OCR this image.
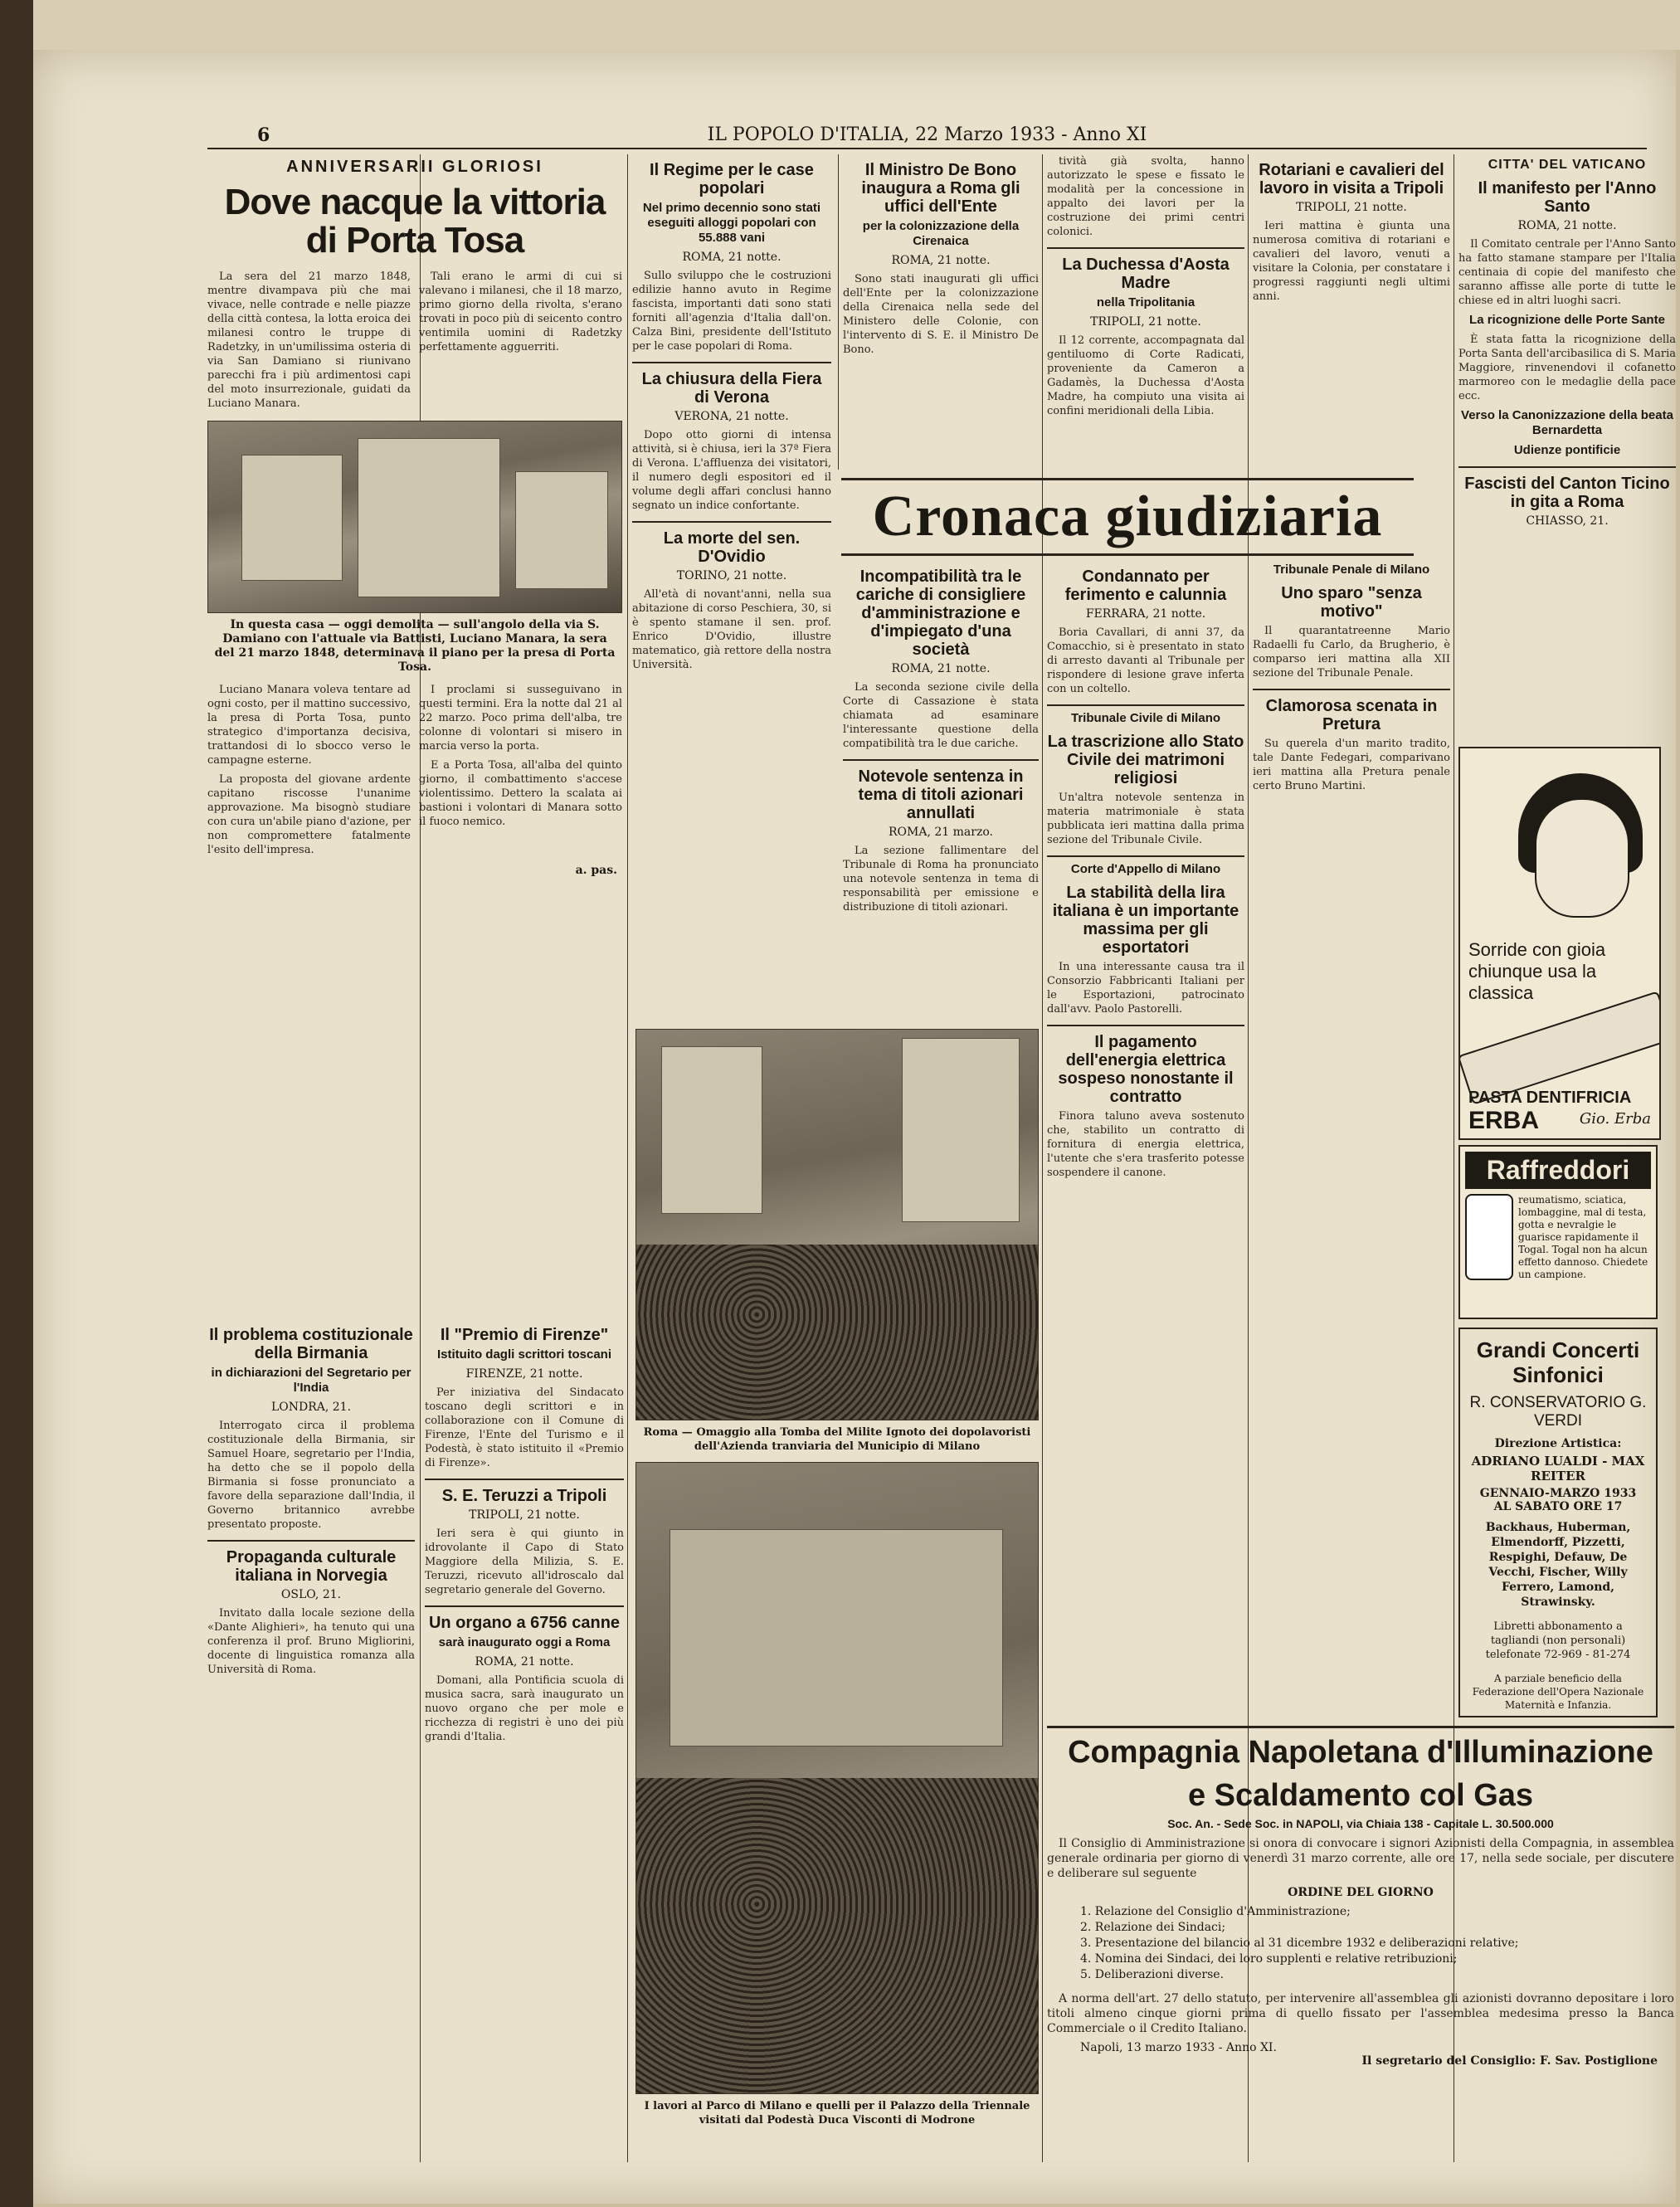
6	IL POPOLO D'ITALIA, 22 Marzo 1933 - Anno XI
ANNIVERSARII GLORIOSI
Dove nacque la vittoria di Porta Tosa

La sera del 21 marzo 1848, mentre divampava più che mai vivace, nelle contrade e nelle piazze della città contesa, la lotta eroica dei milanesi contro le truppe di Radetzky, in un'umilissima osteria di via San Damiano si riunivano parecchi fra i più ardimentosi capi del moto insurrezionale, guidati da Luciano Manara.

Tali erano le armi di cui si valevano i milanesi, che il 18 marzo, primo giorno della rivolta, s'erano trovati in poco più di seicento contro ventimila uomini di Radetzky perfettamente agguerriti.

In questa casa — oggi demolita — sull'angolo della via S. Damiano con l'attuale via Battisti, Luciano Manara, la sera del 21 marzo 1848, determinava il piano per la presa di Porta Tosa.

Luciano Manara voleva tentare ad ogni costo, per il mattino successivo, la presa di Porta Tosa, punto strategico d'importanza decisiva, trattandosi di lo sbocco verso le campagne esterne.

La proposta del giovane ardente capitano riscosse l'unanime approvazione. Ma bisognò studiare con cura un'abile piano d'azione, per non compromettere fatalmente l'esito dell'impresa.

I proclami si susseguivano in questi termini. Era la notte dal 21 al 22 marzo. Poco prima dell'alba, tre colonne di volontari si misero in marcia verso la porta.

E a Porta Tosa, all'alba del quinto giorno, il combattimento s'accese violentissimo. Dettero la scalata ai bastioni i volontari di Manara sotto il fuoco nemico.

a. pas.
Il Regime per le case popolari
Nel primo decennio sono stati eseguiti alloggi popolari con 55.888 vani
ROMA, 21 notte.

Sullo sviluppo che le costruzioni edilizie hanno avuto in Regime fascista, importanti dati sono stati forniti all'agenzia d'Italia dall'on. Calza Bini, presidente dell'Istituto per le case popolari di Roma.

La chiusura della Fiera di Verona
VERONA, 21 notte.

Dopo otto giorni di intensa attività, si è chiusa, ieri la 37ª Fiera di Verona. L'affluenza dei visitatori, il numero degli espositori ed il volume degli affari conclusi hanno segnato un indice confortante.

La morte del sen. D'Ovidio
TORINO, 21 notte.

All'età di novant'anni, nella sua abitazione di corso Peschiera, 30, si è spento stamane il sen. prof. Enrico D'Ovidio, illustre matematico, già rettore della nostra Università.

Il Ministro De Bono inaugura a Roma gli uffici dell'Ente
per la colonizzazione della Cirenaica
ROMA, 21 notte.

Sono stati inaugurati gli uffici dell'Ente per la colonizzazione della Cirenaica nella sede del Ministero delle Colonie, con l'intervento di S. E. il Ministro De Bono.

tività già svolta, hanno autorizzato le spese e fissato le modalità per la concessione in appalto dei lavori per la costruzione dei primi centri colonici.

La Duchessa d'Aosta Madre
nella Tripolitania
TRIPOLI, 21 notte.

Il 12 corrente, accompagnata dal gentiluomo di Corte Radicati, proveniente da Cameron a Gadamès, la Duchessa d'Aosta Madre, ha compiuto una visita ai confini meridionali della Libia.

Rotariani e cavalieri del lavoro in visita a Tripoli
TRIPOLI, 21 notte.

Ieri mattina è giunta una numerosa comitiva di rotariani e cavalieri del lavoro, venuti a visitare la Colonia, per constatare i progressi raggiunti negli ultimi anni.

Cronaca giudiziaria
Incompatibilità tra le cariche di consigliere d'amministrazione e d'impiegato d'una società
ROMA, 21 notte.

La seconda sezione civile della Corte di Cassazione è stata chiamata ad esaminare l'interessante questione della compatibilità tra le due cariche.

Notevole sentenza in tema di titoli azionari annullati
ROMA, 21 marzo.

La sezione fallimentare del Tribunale di Roma ha pronunciato una notevole sentenza in tema di responsabilità per emissione e distribuzione di titoli azionari.

Condannato per ferimento e calunnia
FERRARA, 21 notte.

Boria Cavallari, di anni 37, da Comacchio, si è presentato in stato di arresto davanti al Tribunale per rispondere di lesione grave inferta con un coltello.

Tribunale Civile di Milano
La trascrizione allo Stato Civile dei matrimoni religiosi

Un'altra notevole sentenza in materia matrimoniale è stata pubblicata ieri mattina dalla prima sezione del Tribunale Civile.

Corte d'Appello di Milano
La stabilità della lira italiana è un importante massima per gli esportatori

In una interessante causa tra il Consorzio Fabbricanti Italiani per le Esportazioni, patrocinato dall'avv. Paolo Pastorelli.

Il pagamento dell'energia elettrica sospeso nonostante il contratto

Finora taluno aveva sostenuto che, stabilito un contratto di fornitura di energia elettrica, l'utente che s'era trasferito potesse sospendere il canone.

Tribunale Penale di Milano
Uno sparo "senza motivo"

Il quarantatreenne Mario Radaelli fu Carlo, da Brugherio, è comparso ieri mattina alla XII sezione del Tribunale Penale.

Clamorosa scenata in Pretura

Su querela d'un marito tradito, tale Dante Fedegari, comparivano ieri mattina alla Pretura penale certo Bruno Martini.

CITTA' DEL VATICANO
Il manifesto per l'Anno Santo
ROMA, 21 notte.

Il Comitato centrale per l'Anno Santo ha fatto stamane stampare per l'Italia centinaia di copie del manifesto che saranno affisse alle porte di tutte le chiese ed in altri luoghi sacri.

La ricognizione delle Porte Sante

È stata fatta la ricognizione della Porta Santa dell'arcibasilica di S. Maria Maggiore, rinvenendovi il cofanetto marmoreo con le medaglie della pace ecc.

Verso la Canonizzazione della beata Bernardetta
Udienze pontificie
Fascisti del Canton Ticino in gita a Roma
CHIASSO, 21.
Sorride con gioia
chiunque usa la
classica
PASTA DENTIFRICIA
ERBA	Gio. Erba
Raffreddori
reumatismo, sciatica, lombaggine, mal di testa, gotta e nevralgie le guarisce rapidamente il Togal. Togal non ha alcun effetto dannoso. Chiedete un campione.
Grandi Concerti Sinfonici
R. CONSERVATORIO G. VERDI
Direzione Artistica:
ADRIANO LUALDI - MAX REITER
GENNAIO-MARZO 1933
AL SABATO ORE 17
Backhaus, Huberman, Elmendorff, Pizzetti, Respighi, Defauw, De Vecchi, Fischer, Willy Ferrero, Lamond, Strawinsky.
Libretti abbonamento a tagliandi (non personali) telefonate 72-969 - 81-274
A parziale beneficio della Federazione dell'Opera Nazionale Maternità e Infanzia.
Il problema costituzionale della Birmania
in dichiarazioni del Segretario per l'India
LONDRA, 21.

Interrogato circa il problema costituzionale della Birmania, sir Samuel Hoare, segretario per l'India, ha detto che se il popolo della Birmania si fosse pronunciato a favore della separazione dall'India, il Governo britannico avrebbe presentato proposte.

Propaganda culturale italiana in Norvegia
OSLO, 21.

Invitato dalla locale sezione della «Dante Alighieri», ha tenuto qui una conferenza il prof. Bruno Migliorini, docente di linguistica romanza alla Università di Roma.

Il "Premio di Firenze"
Istituito dagli scrittori toscani
FIRENZE, 21 notte.

Per iniziativa del Sindacato toscano degli scrittori e in collaborazione con il Comune di Firenze, l'Ente del Turismo e il Podestà, è stato istituito il «Premio di Firenze».

S. E. Teruzzi a Tripoli
TRIPOLI, 21 notte.

Ieri sera è qui giunto in idrovolante il Capo di Stato Maggiore della Milizia, S. E. Teruzzi, ricevuto all'idroscalo dal segretario generale del Governo.

Un organo a 6756 canne
sarà inaugurato oggi a Roma
ROMA, 21 notte.

Domani, alla Pontificia scuola di musica sacra, sarà inaugurato un nuovo organo che per mole e ricchezza di registri è uno dei più grandi d'Italia.

Roma — Omaggio alla Tomba del Milite Ignoto dei dopolavoristi dell'Azienda tranviaria del Municipio di Milano
I lavori al Parco di Milano e quelli per il Palazzo della Triennale visitati dal Podestà Duca Visconti di Modrone
Compagnia Napoletana d'Illuminazione
e Scaldamento col Gas
Soc. An. - Sede Soc. in NAPOLI, via Chiaia 138 - Capitale L. 30.500.000

Il Consiglio di Amministrazione si onora di convocare i signori Azionisti della Compagnia, in assemblea generale ordinaria per giorno di venerdì 31 marzo corrente, alle ore 17, nella sede sociale, per discutere e deliberare sul seguente

ORDINE DEL GIORNO
1. Relazione del Consiglio d'Amministrazione;
2. Relazione dei Sindaci;
3. Presentazione del bilancio al 31 dicembre 1932 e deliberazioni relative;
4. Nomina dei Sindaci, dei loro supplenti e relative retribuzioni;
5. Deliberazioni diverse.

A norma dell'art. 27 dello statuto, per intervenire all'assemblea gli azionisti dovranno depositare i loro titoli almeno cinque giorni prima di quello fissato per l'assemblea medesima presso la Banca Commerciale o il Credito Italiano.

Napoli, 13 marzo 1933 - Anno XI.
Il segretario del Consiglio: F. Sav. Postiglione
